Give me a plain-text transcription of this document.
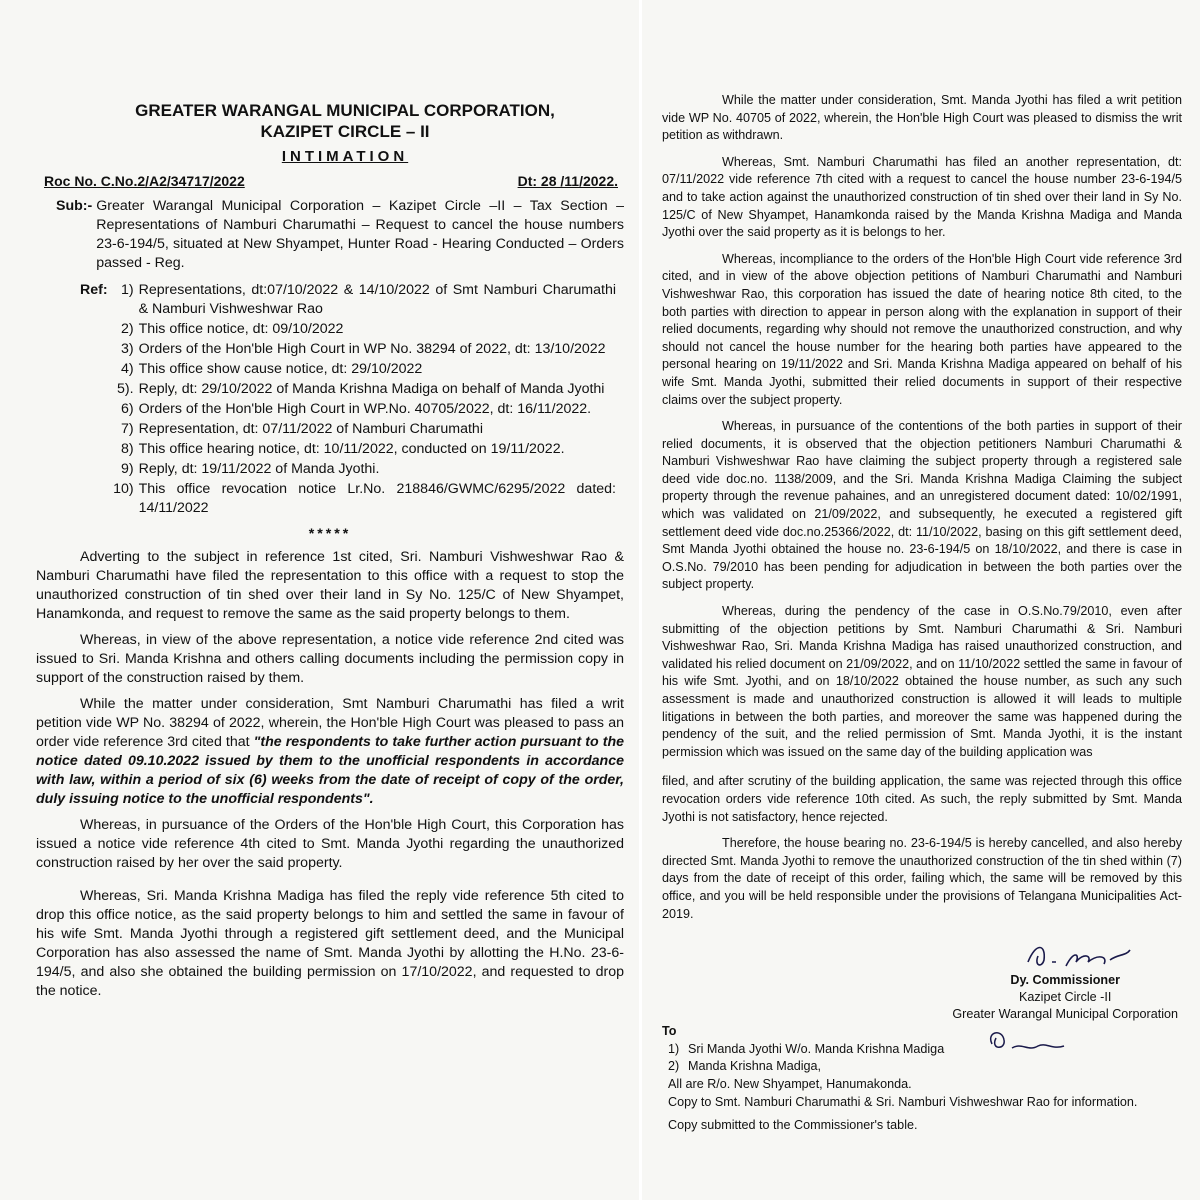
GREATER WARANGAL MUNICIPAL CORPORATION,
KAZIPET CIRCLE – II
INTIMATION
Roc No. C.No.2/A2/34717/2022	Dt: 28 /11/2022.
Sub:- Greater Warangal Municipal Corporation – Kazipet Circle –II – Tax Section – Representations of Namburi Charumathi – Request to cancel the house numbers 23-6-194/5, situated at New Shyampet, Hunter Road - Hearing Conducted – Orders passed - Reg.
Ref: 1) Representations, dt:07/10/2022 & 14/10/2022 of Smt Namburi Charumathi & Namburi Vishweshwar Rao
2) This office notice, dt: 09/10/2022
3) Orders of the Hon'ble High Court in WP No. 38294 of 2022, dt: 13/10/2022
4) This office show cause notice, dt: 29/10/2022
5). Reply, dt: 29/10/2022 of Manda Krishna Madiga on behalf of Manda Jyothi
6) Orders of the Hon'ble High Court in WP.No. 40705/2022, dt: 16/11/2022.
7) Representation, dt: 07/11/2022 of Namburi Charumathi
8) This office hearing notice, dt: 10/11/2022, conducted on 19/11/2022.
9) Reply, dt: 19/11/2022 of Manda Jyothi.
10) This office revocation notice Lr.No. 218846/GWMC/6295/2022 dated: 14/11/2022
*****

Adverting to the subject in reference 1st cited, Sri. Namburi Vishweshwar Rao & Namburi Charumathi have filed the representation to this office with a request to stop the unauthorized construction of tin shed over their land in Sy No. 125/C of New Shyampet, Hanamkonda, and request to remove the same as the said property belongs to them.

Whereas, in view of the above representation, a notice vide reference 2nd cited was issued to Sri. Manda Krishna and others calling documents including the permission copy in support of the construction raised by them.

While the matter under consideration, Smt Namburi Charumathi has filed a writ petition vide WP No. 38294 of 2022, wherein, the Hon'ble High Court was pleased to pass an order vide reference 3rd cited that "the respondents to take further action pursuant to the notice dated 09.10.2022 issued by them to the unofficial respondents in accordance with law, within a period of six (6) weeks from the date of receipt of copy of the order, duly issuing notice to the unofficial respondents".

Whereas, in pursuance of the Orders of the Hon'ble High Court, this Corporation has issued a notice vide reference 4th cited to Smt. Manda Jyothi regarding the unauthorized construction raised by her over the said property.

Whereas, Sri. Manda Krishna Madiga has filed the reply vide reference 5th cited to drop this office notice, as the said property belongs to him and settled the same in favour of his wife Smt. Manda Jyothi through a registered gift settlement deed, and the Municipal Corporation has also assessed the name of Smt. Manda Jyothi by allotting the H.No. 23-6-194/5, and also she obtained the building permission on 17/10/2022, and requested to drop the notice.

While the matter under consideration, Smt. Manda Jyothi has filed a writ petition vide WP No. 40705 of 2022, wherein, the Hon'ble High Court was pleased to dismiss the writ petition as withdrawn.

Whereas, Smt. Namburi Charumathi has filed an another representation, dt: 07/11/2022 vide reference 7th cited with a request to cancel the house number 23-6-194/5 and to take action against the unauthorized construction of tin shed over their land in Sy No. 125/C of New Shyampet, Hanamkonda raised by the Manda Krishna Madiga and Manda Jyothi over the said property as it is belongs to her.

Whereas, incompliance to the orders of the Hon'ble High Court vide reference 3rd cited, and in view of the above objection petitions of Namburi Charumathi and Namburi Vishweshwar Rao, this corporation has issued the date of hearing notice 8th cited, to the both parties with direction to appear in person along with the explanation in support of their relied documents, regarding why should not remove the unauthorized construction, and why should not cancel the house number for the hearing both parties have appeared to the personal hearing on 19/11/2022 and Sri. Manda Krishna Madiga appeared on behalf of his wife Smt. Manda Jyothi, submitted their relied documents in support of their respective claims over the subject property.

Whereas, in pursuance of the contentions of the both parties in support of their relied documents, it is observed that the objection petitioners Namburi Charumathi & Namburi Vishweshwar Rao have claiming the subject property through a registered sale deed vide doc.no. 1138/2009, and the Sri. Manda Krishna Madiga Claiming the subject property through the revenue pahaines, and an unregistered document dated: 10/02/1991, which was validated on 21/09/2022, and subsequently, he executed a registered gift settlement deed vide doc.no.25366/2022, dt: 11/10/2022, basing on this gift settlement deed, Smt Manda Jyothi obtained the house no. 23-6-194/5 on 18/10/2022, and there is case in O.S.No. 79/2010 has been pending for adjudication in between the both parties over the subject property.

Whereas, during the pendency of the case in O.S.No.79/2010, even after submitting of the objection petitions by Smt. Namburi Charumathi & Sri. Namburi Vishweshwar Rao, Sri. Manda Krishna Madiga has raised unauthorized construction, and validated his relied document on 21/09/2022, and on 11/10/2022 settled the same in favour of his wife Smt. Jyothi, and on 18/10/2022 obtained the house number, as such any such assessment is made and unauthorized construction is allowed it will leads to multiple litigations in between the both parties, and moreover the same was happened during the pendency of the suit, and the relied permission of Smt. Manda Jyothi, it is the instant permission which was issued on the same day of the building application was

filed, and after scrutiny of the building application, the same was rejected through this office revocation orders vide reference 10th cited. As such, the reply submitted by Smt. Manda Jyothi is not satisfactory, hence rejected.

Therefore, the house bearing no. 23-6-194/5 is hereby cancelled, and also hereby directed Smt. Manda Jyothi to remove the unauthorized construction of the tin shed within (7) days from the date of receipt of this order, failing which, the same will be removed by this office, and you will be held responsible under the provisions of Telangana Municipalities Act- 2019.

Dy. Commissioner
Kazipet Circle -II
Greater Warangal Municipal Corporation
To
1) Sri Manda Jyothi W/o. Manda Krishna Madiga
2) Manda Krishna Madiga,
All are R/o. New Shyampet, Hanumakonda.
Copy to Smt. Namburi Charumathi & Sri. Namburi Vishweshwar Rao for information.
Copy submitted to the Commissioner's table.
